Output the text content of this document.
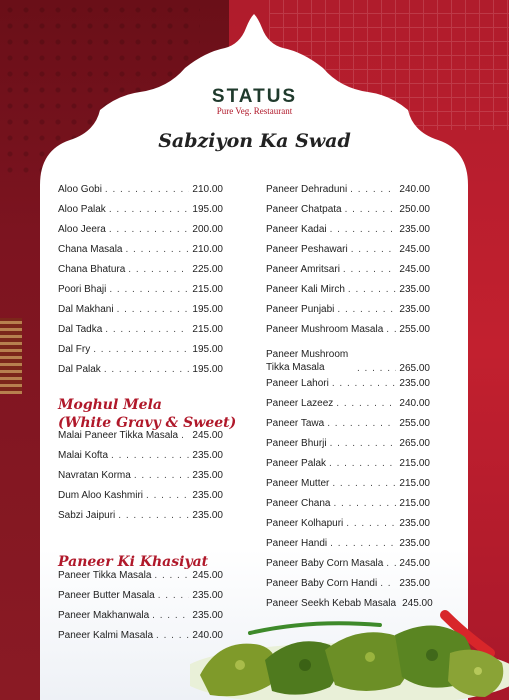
STATUS
Pure Veg. Restaurant
Sabziyon Ka Swad
Aloo Gobi . . .	210.00
Aloo Palak . . .	195.00
Aloo Jeera . . .	200.00
Chana Masala . . .	210.00
Chana Bhatura . . .	225.00
Poori Bhaji . . .	215.00
Dal Makhani . . .	195.00
Dal Tadka . . .	215.00
Dal Fry . . .	195.00
Dal Palak . . .	195.00
Moghul Mela
(White Gravy & Sweet)
Malai Paneer Tikka Masala . . . 245.00
Malai Kofta . . .	235.00
Navratan Korma . . .	235.00
Dum Aloo Kashmiri . . .	235.00
Sabzi Jaipuri . . .	235.00
Paneer Ki Khasiyat
Paneer Tikka Masala . . .	245.00
Paneer Butter Masala . . .	235.00
Paneer Makhanwala . . .	235.00
Paneer Kalmi Masala . . .	240.00
Paneer Dehraduni . . .	240.00
Paneer Chatpata . . .	250.00
Paneer Kadai . . .	235.00
Paneer Peshawari . . .	245.00
Paneer Amritsari . . .	245.00
Paneer Kali Mirch . . .	235.00
Paneer Punjabi . . .	235.00
Paneer Mushroom Masala . . . 255.00
Paneer Mushroom Tikka Masala . . .	265.00
Paneer Lahori . . .	235.00
Paneer Lazeez . . .	240.00
Paneer Tawa . . .	255.00
Paneer Bhurji . . .	265.00
Paneer Palak . . .	215.00
Paneer Mutter . . .	215.00
Paneer Chana . . .	215.00
Paneer Kolhapuri . . .	235.00
Paneer Handi . . .	235.00
Paneer Baby Corn Masala . . . 245.00
Paneer Baby Corn Handi . . . 235.00
Paneer Seekh Kebab Masala 245.00
